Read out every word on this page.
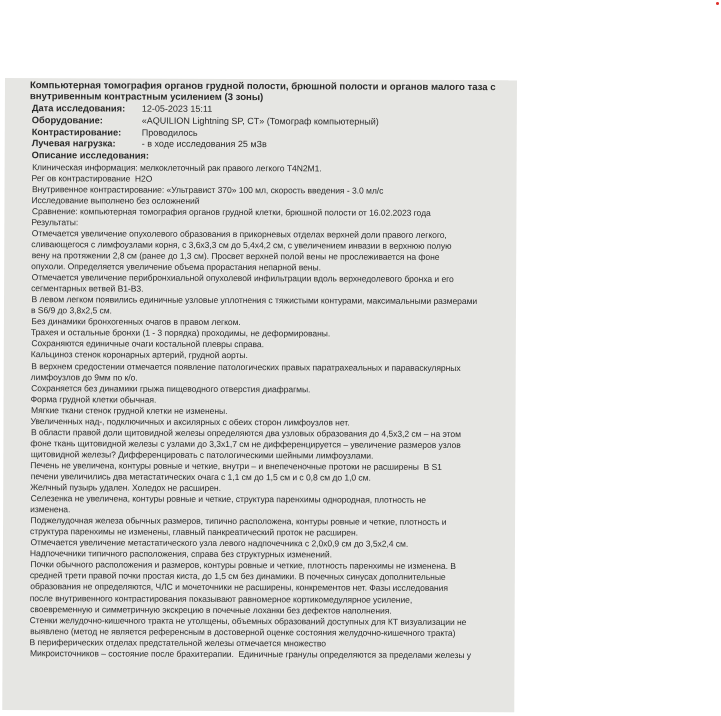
Компьютерная томография органов грудной полости, брюшной полости и органов малого таза с
внутривенным контрастным усилением (3 зоны)
Дата исследования:	12-05-2023 15:11
Оборудование:	«AQUILION Lightning SP, CT» (Томограф компьютерный)
Контрастирование:	Проводилось
Лучевая нагрузка:	- в ходе исследования 25 мЗв
Описание исследования:
Клиническая информация: мелкоклеточный рак правого легкого T4N2M1.
Рег ов контрастирование  H2O
Внутривенное контрастирование: «Ультравист 370» 100 мл, скорость введения - 3.0 мл/с
Исследование выполнено без осложнений
Сравнение: компьютерная томография органов грудной клетки, брюшной полости от 16.02.2023 года
Результаты:
Отмечается увеличение опухолевого образования в прикорневых отделах верхней доли правого легкого,
сливающегося с лимфоузлами корня, с 3,6х3,3 см до 5,4х4,2 см, с увеличением инвазии в верхнюю полую
вену на протяжении 2,8 см (ранее до 1,3 см). Просвет верхней полой вены не прослеживается на фоне
опухоли. Определяется увеличение объема прорастания непарной вены.
Отмечается увеличение перибронхиальной опухолевой инфильтрации вдоль верхнедолевого бронха и его
сегментарных ветвей B1-B3.
В левом легком появились единичные узловые уплотнения с тяжистыми контурами, максимальными размерами
в S6/9 до 3,8х2,5 см.
Без динамики бронхогенных очагов в правом легком.
Трахея и остальные бронхи (1 - 3 порядка) проходимы, не деформированы.
Сохраняются единичные очаги костальной плевры справа.
Кальциноз стенок коронарных артерий, грудной аорты.
В верхнем средостении отмечается появление патологических правых паратрахеальных и паравaскулярных
лимфоузлов до 9мм по к/о.
Сохраняется без динамики грыжа пищеводного отверстия диафрагмы.
Форма грудной клетки обычная.
Мягкие ткани стенок грудной клетки не изменены.
Увеличенных над-, подключичных и аксилярных с обеих сторон лимфоузлов нет.
В области правой доли щитовидной железы определяются два узловых образования до 4,5х3,2 см – на этом
фоне ткань щитовидной железы с узлами до 3,3х1,7 см не дифференцируется – увеличение размеров узлов
щитовидной железы? Дифференцировать с патологическими шейными лимфоузлами.
Печень не увеличена, контуры ровные и четкие, внутри – и внепеченочные протоки не расширены  В S1
печени увеличились два метастатических очага с 1,1 см до 1,5 см и с 0,8 см до 1,0 см.
Желчный пузырь удален. Холедох не расширен.
Селезенка не увеличена, контуры ровные и четкие, структура паренхимы однородная, плотность не
изменена.
Поджелудочная железа обычных размеров, типично расположена, контуры ровные и четкие, плотность и
структура паренхимы не изменены, главный панкреатический проток не расширен.
Отмечается увеличение метастатического узла левого надпочечника с 2,0х0,9 см до 3,5х2,4 см.
Надпочечники типичного расположения, справа без структурных изменений.
Почки обычного расположения и размеров, контуры ровные и четкие, плотность паренхимы не изменена. В
средней трети правой почки простая киста, до 1,5 см без динамики. В почечных синусах дополнительные
образования не определяются, ЧЛС и мочеточники не расширены, конкрементов нет. Фазы исследования
после внутривенного контрастирования показывают равномерное кортикомедулярное усиление,
своевременную и симметричную экскрецию в почечные лоханки без дефектов наполнения.
Стенки желудочно-кишечного тракта не утолщены, объемных образований доступных для КТ визуализации не
выявлено (метод не является референсным в достоверной оценке состояния желудочно-кишечного тракта)
В периферических отделах предстательной железы отмечается множество
Микроисточников – состояние после брахитерапии.  Единичные гранулы определяются за пределами железы у
